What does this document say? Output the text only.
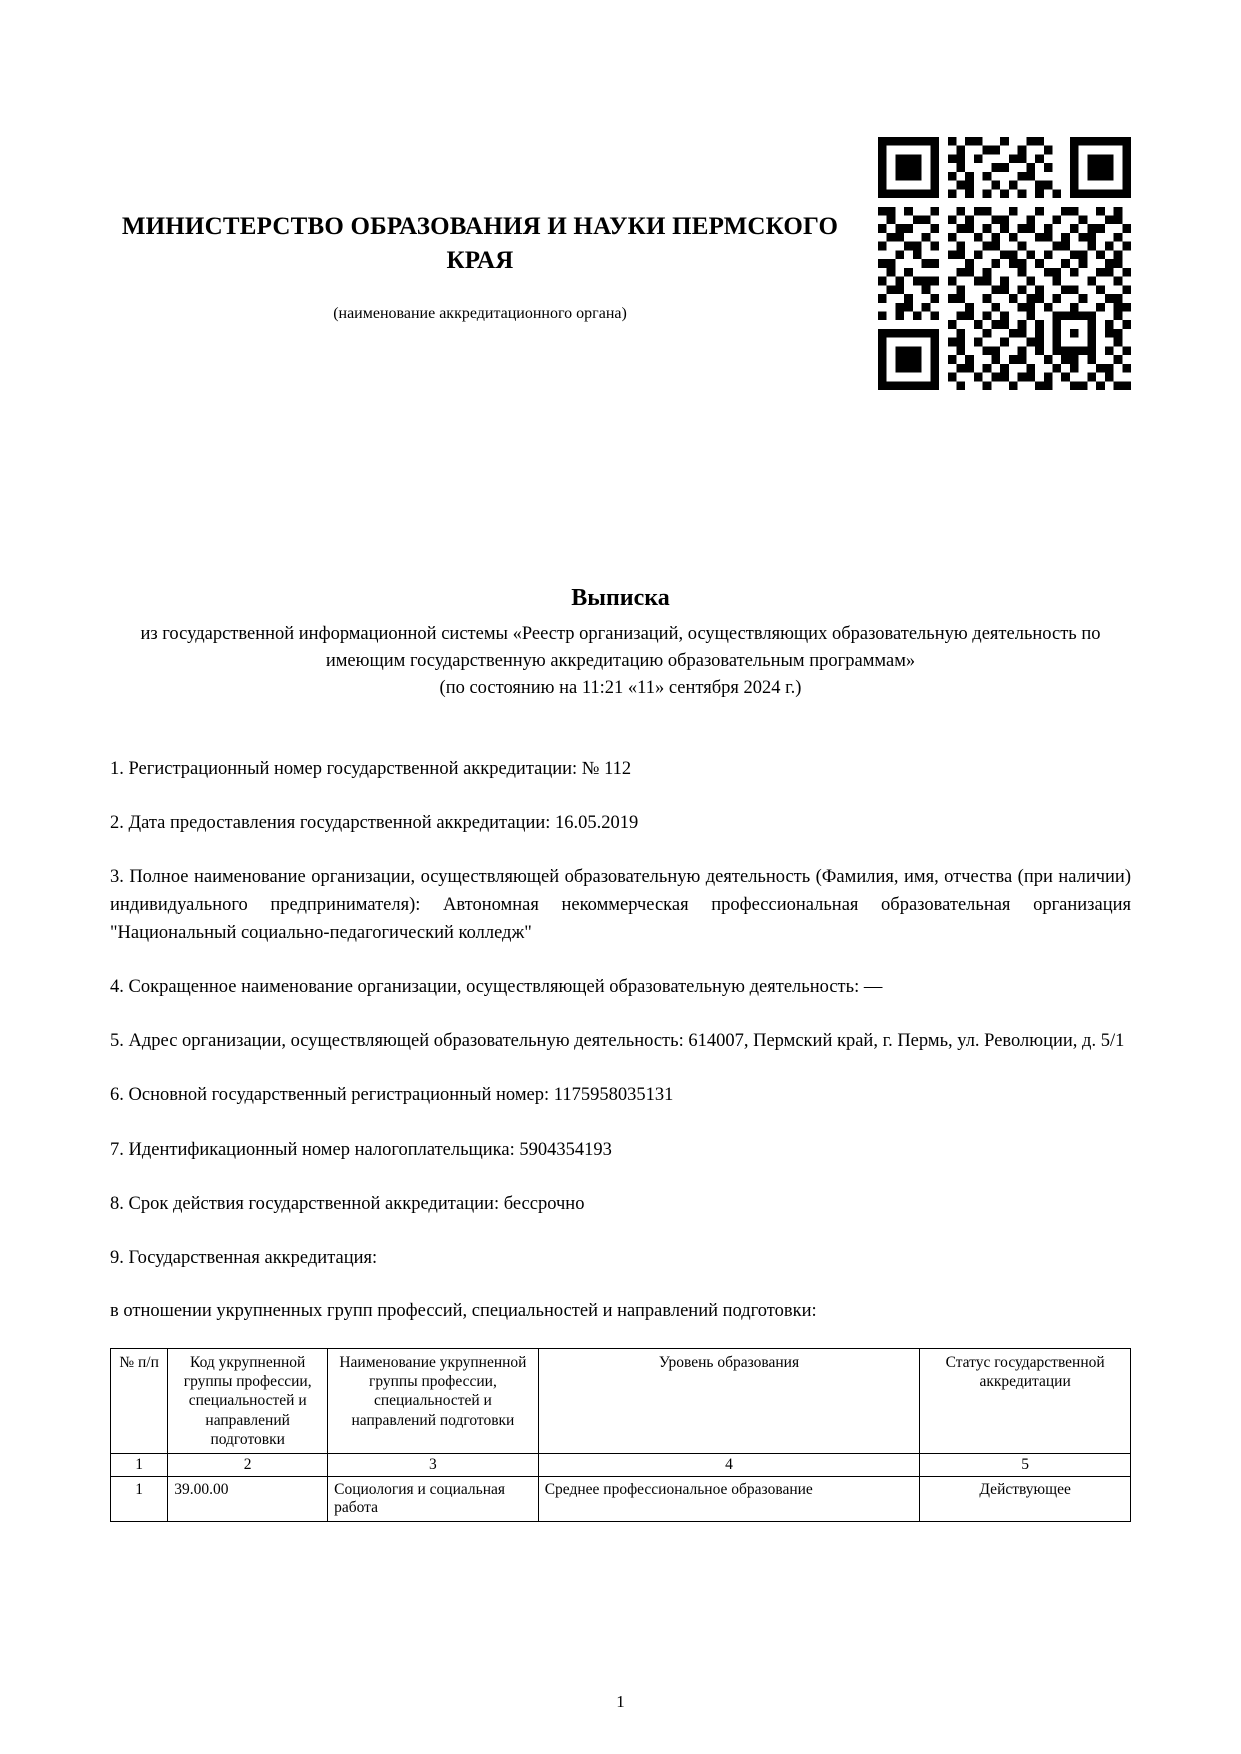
МИНИСТЕРСТВО ОБРАЗОВАНИЯ И НАУКИ ПЕРМСКОГО КРАЯ
(наименование аккредитационного органа)
Выписка
из государственной информационной системы «Реестр организаций, осуществляющих образовательную деятельность по имеющим государственную аккредитацию образовательным программам»
(по состоянию на 11:21 «11» сентября 2024 г.)

1. Регистрационный номер государственной аккредитации: № 112

2. Дата предоставления государственной аккредитации: 16.05.2019

3. Полное наименование организации, осуществляющей образовательную деятельность (Фамилия, имя, отчества (при наличии) индивидуального предпринимателя): Автономная некоммерческая профессиональная образовательная организация "Национальный социально-педагогический колледж"

4. Сокращенное наименование организации, осуществляющей образовательную деятельность: —

5. Адрес организации, осуществляющей образовательную деятельность: 614007, Пермский край, г. Пермь, ул. Революции, д. 5/1

6. Основной государственный регистрационный номер: 1175958035131

7. Идентификационный номер налогоплательщика: 5904354193

8. Срок действия государственной аккредитации: бессрочно

9. Государственная аккредитация:

в отношении укрупненных групп профессий, специальностей и направлений подготовки:
№ п/п	Код укрупненной группы профессии, специальностей и направлений подготовки	Наименование укрупненной группы профессии, специальностей и направлений подготовки	Уровень образования	Статус государственной аккредитации
1	2	3	4	5
1	39.00.00	Социология и социальная работа	Среднее профессиональное образование	Действующее
1
